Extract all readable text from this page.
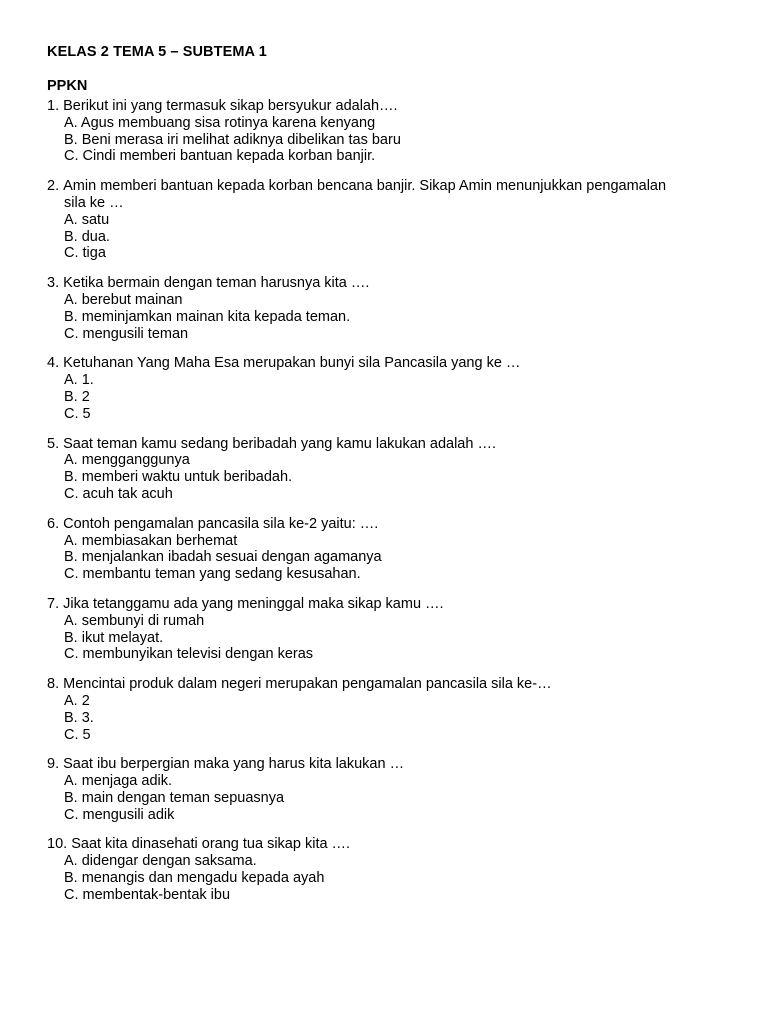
KELAS 2 TEMA 5 – SUBTEMA 1
PPKN
1.
Berikut ini yang termasuk sikap bersyukur adalah….
A. Agus membuang sisa rotinya karena kenyang
B. Beni merasa iri melihat adiknya dibelikan tas baru
C. Cindi memberi bantuan kepada korban banjir.
2.
Amin memberi bantuan kepada korban bencana banjir. Sikap Amin menunjukkan pengamalan
sila ke …
A. satu
B. dua.
C. tiga
3.
Ketika bermain dengan teman harusnya kita ….
A. berebut mainan
B. meminjamkan mainan kita kepada teman.
C. mengusili teman
4.
Ketuhanan Yang Maha Esa merupakan bunyi sila Pancasila yang ke …
A. 1.
B. 2
C. 5
5.
Saat teman kamu sedang beribadah yang kamu lakukan adalah ….
A. mengganggunya
B. memberi waktu untuk beribadah.
C. acuh tak acuh
6.
Contoh pengamalan pancasila sila ke-2 yaitu: ….
A. membiasakan berhemat
B. menjalankan ibadah sesuai dengan agamanya
C. membantu teman yang sedang kesusahan.
7.
Jika tetanggamu ada yang meninggal maka sikap kamu ….
A. sembunyi di rumah
B. ikut melayat.
C. membunyikan televisi dengan keras
8.
Mencintai produk dalam negeri merupakan pengamalan pancasila sila ke-…
A. 2
B. 3.
C. 5
9.
Saat ibu berpergian maka yang harus kita lakukan …
A. menjaga adik.
B. main dengan teman sepuasnya
C. mengusili adik
10.
Saat kita dinasehati orang tua sikap kita ….
A. didengar dengan saksama.
B. menangis dan mengadu kepada ayah
C. membentak-bentak ibu
